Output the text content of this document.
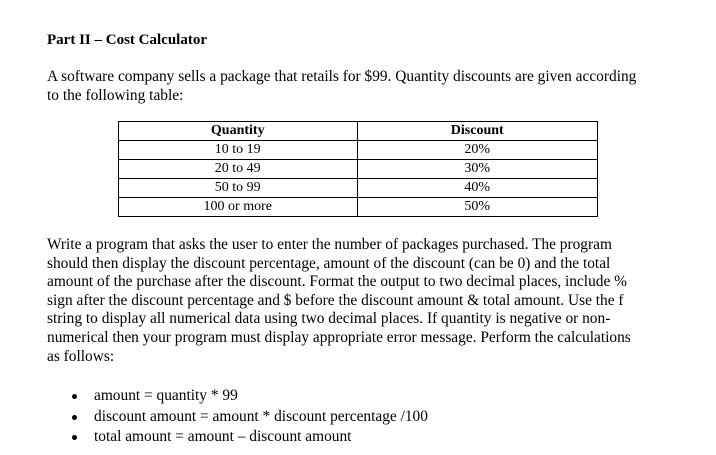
Part II – Cost Calculator
A software company sells a package that retails for $99. Quantity discounts are given according
to the following table:
Quantity	Discount
10 to 19	20%
20 to 49	30%
50 to 99	40%
100 or more	50%
Write a program that asks the user to enter the number of packages purchased. The program
should then display the discount percentage, amount of the discount (can be 0) and the total
amount of the purchase after the discount. Format the output to two decimal places, include %
sign after the discount percentage and $ before the discount amount & total amount. Use the f
string to display all numerical data using two decimal places. If quantity is negative or non-
numerical then your program must display appropriate error message. Perform the calculations
as follows:
amount = quantity * 99
discount amount = amount * discount percentage /100
total amount = amount – discount amount
